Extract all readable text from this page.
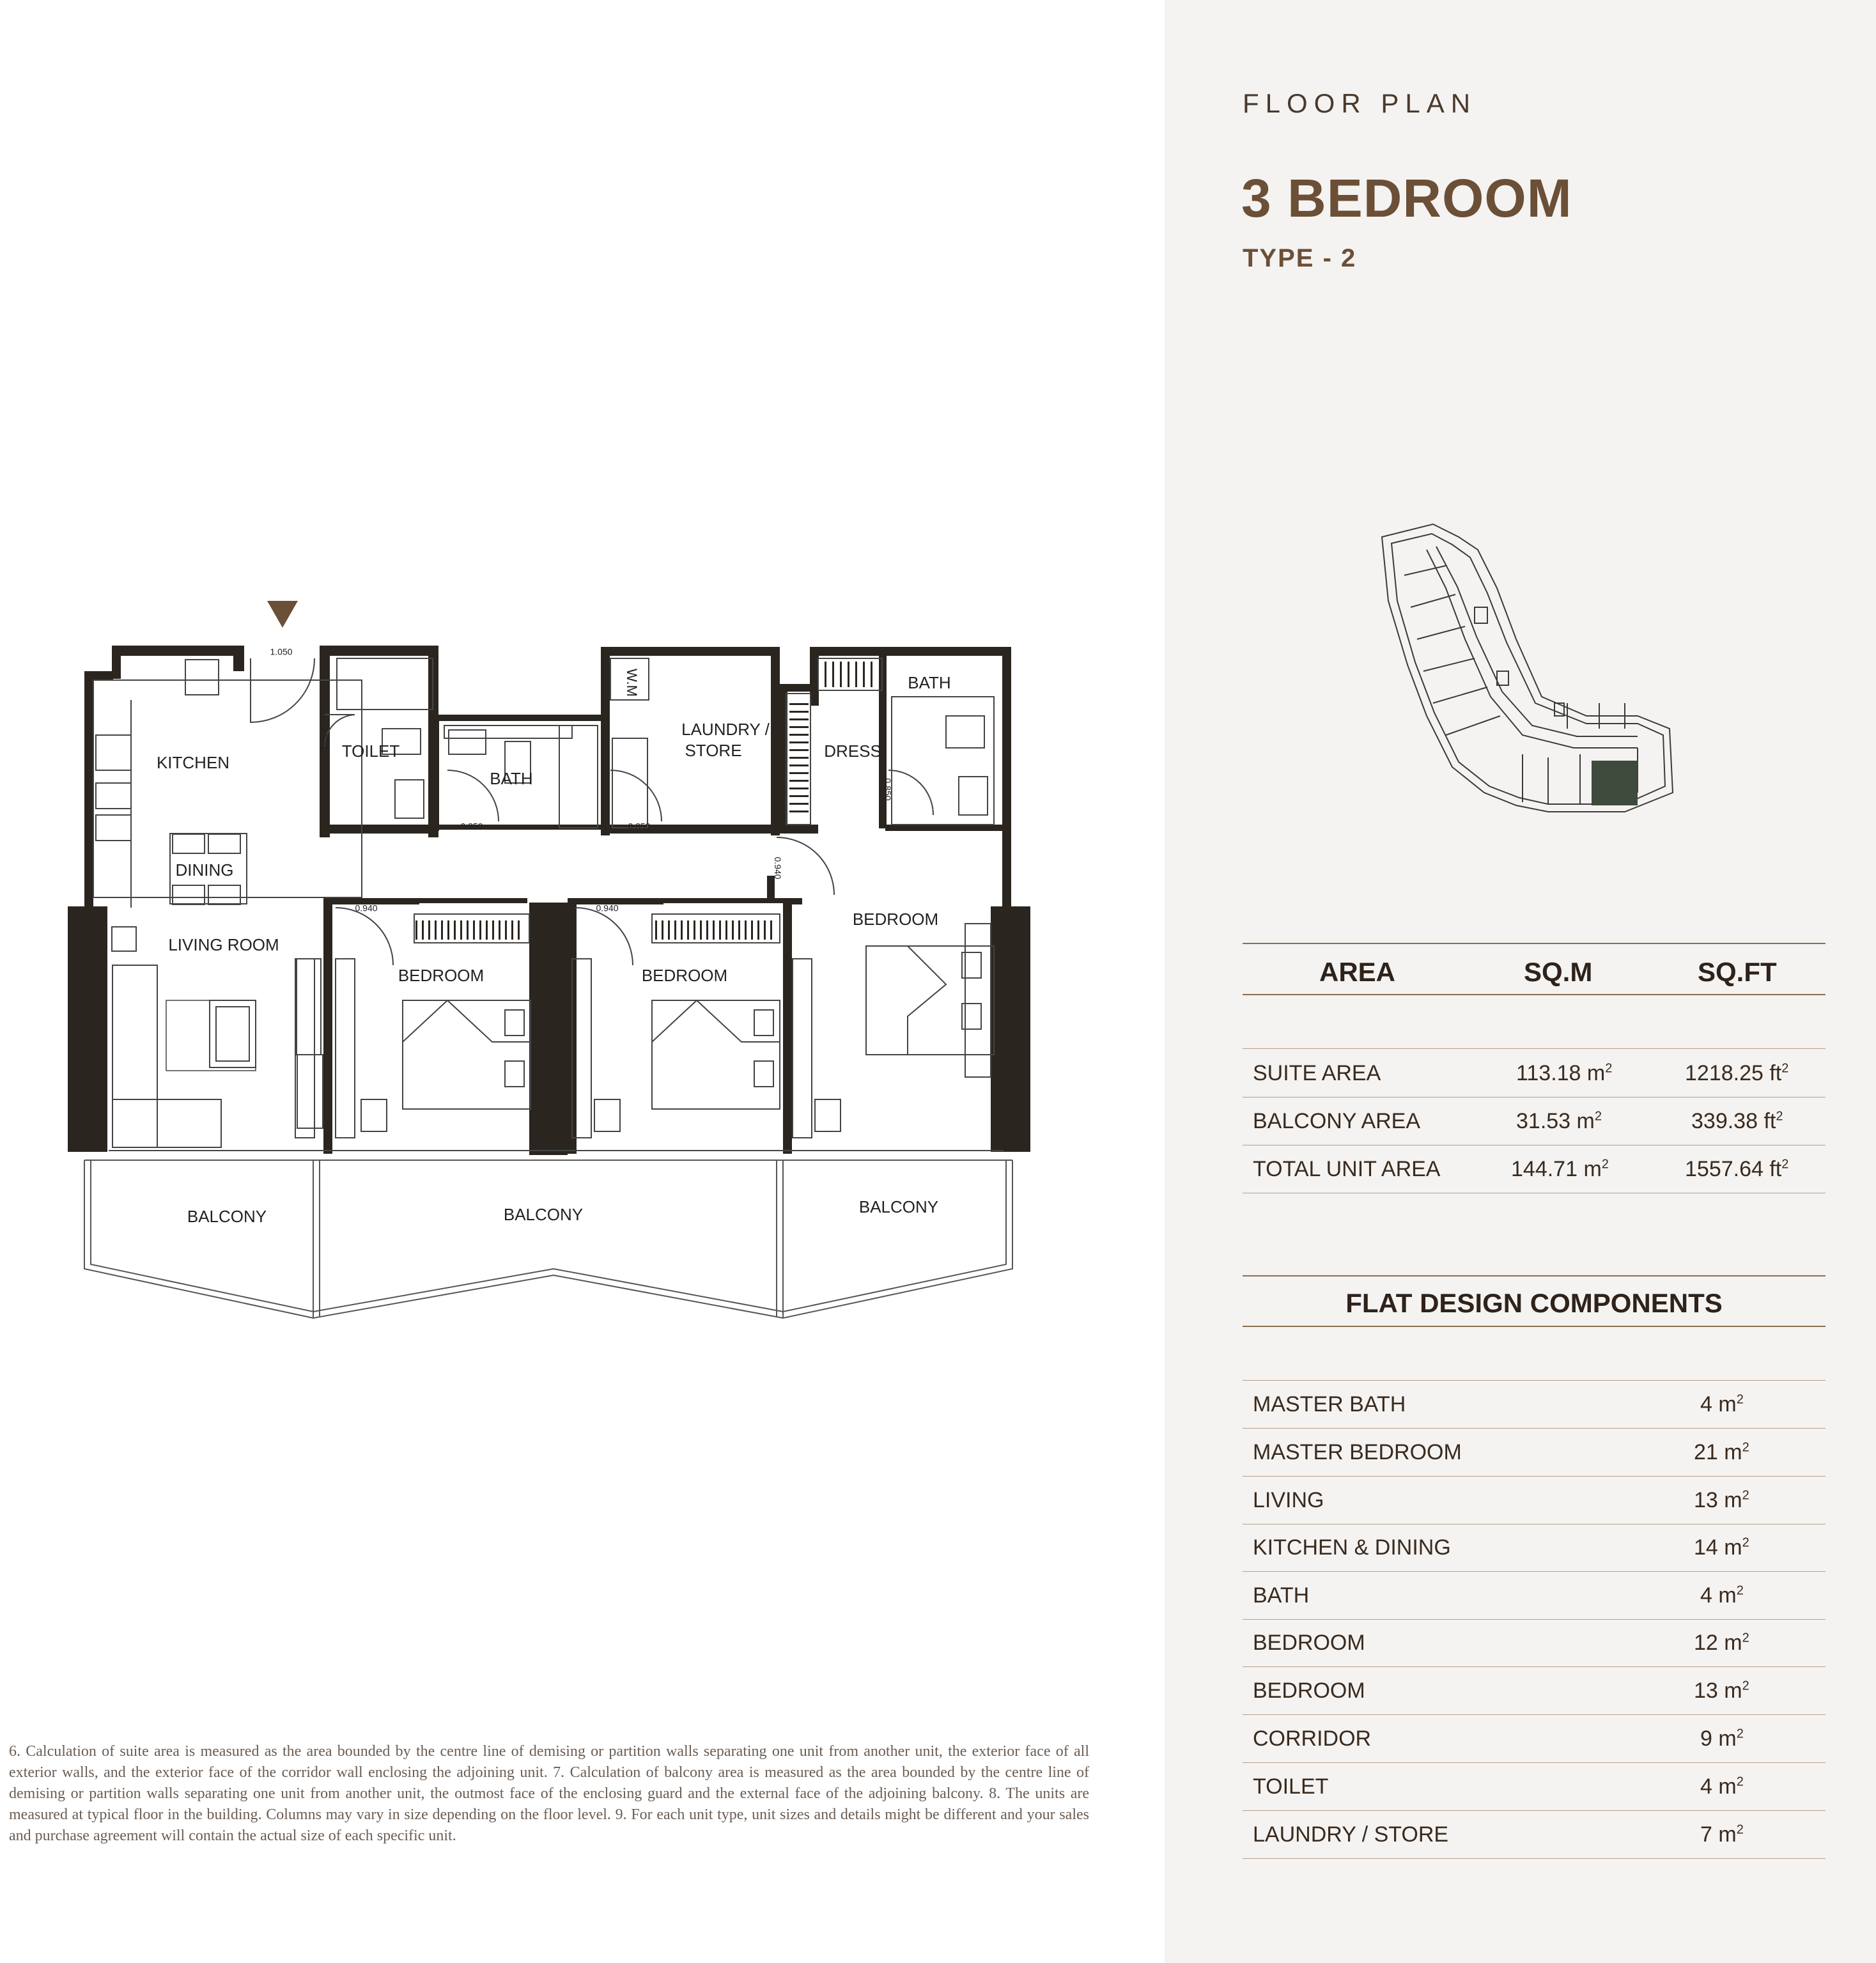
KITCHEN
DINING
LIVING ROOM
TOILET
BATH
W.M
LAUNDRY /
STORE	DRESS
BATH
BEDROOM	BEDROOM
BEDROOM
BALCONY	BALCONY	BALCONY
1.050
0.850
0.850	0.850
0.850
0.940
0.940	0.940
6. Calculation of suite area is measured as the area bounded by the centre line of demising or partition walls separating one unit from another unit, the exterior face of all exterior walls, and the exterior face of the corridor wall enclosing the adjoining unit. 7. Calculation of balcony area is measured as the area bounded by the centre line of demising or partition walls separating one unit from another unit, the outmost face of the enclosing guard and the external face of the adjoining balcony. 8. The units are measured at typical floor in the building. Columns may vary in size depending on the floor level. 9. For each unit type, unit sizes and details might be different and your sales and purchase agreement will contain the actual size of each specific unit.
FLOOR PLAN
3 BEDROOM
TYPE - 2
AREA	SQ.M	SQ.FT
SUITE AREA	113.18 $m^2$	1218.25 $ft^2$
BALCONY AREA	31.53 $m^2$	339.38 $ft^2$
TOTAL UNIT AREA	144.71 $m^2$	1557.64 $ft^2$
FLAT DESIGN COMPONENTS
MASTER BATH	4 $m^2$
MASTER BEDROOM	21 $m^2$
LIVING	13 $m^2$
KITCHEN & DINING	14 $m^2$
BATH	4 $m^2$
BEDROOM	12 $m^2$
BEDROOM	13 $m^2$
CORRIDOR	9 $m^2$
TOILET	4 $m^2$
LAUNDRY / STORE	7 $m^2$
